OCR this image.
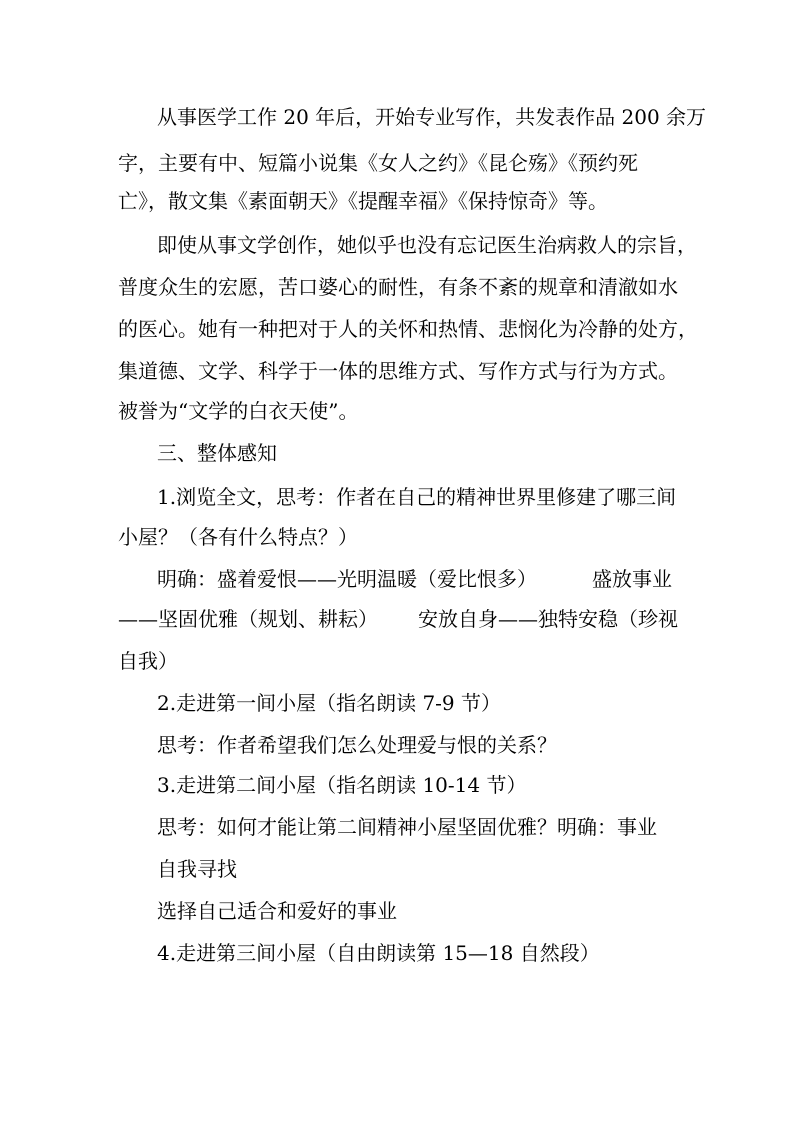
从事医学工作 20 年后，开始专业写作，共发表作品 200 余万
字，主要有中、短篇小说集《女人之约》《昆仑殇》《预约死
亡》，散文集《素面朝天》《提醒幸福》《保持惊奇》等。
即使从事文学创作，她似乎也没有忘记医生治病救人的宗旨，
普度众生的宏愿，苦口婆心的耐性，有条不紊的规章和清澈如水
的医心。她有一种把对于人的关怀和热情、悲悯化为冷静的处方，
集道德、文学、科学于一体的思维方式、写作方式与行为方式。
被誉为“文学的白衣天使”。
三、整体感知
1.浏览全文，思考：作者在自己的精神世界里修建了哪三间
小屋？（各有什么特点？）
明确：盛着爱恨——光明温暖（爱比恨多）	盛放事业
——坚固优雅（规划、耕耘） 安放自身——独特安稳（珍视
自我）
2.走进第一间小屋（指名朗读 7-9 节）
思考：作者希望我们怎么处理爱与恨的关系？
3.走进第二间小屋（指名朗读 10-14 节）
思考：如何才能让第二间精神小屋坚固优雅？明确：事业
自我寻找
选择自己适合和爱好的事业
4.走进第三间小屋（自由朗读第 15—18 自然段）
